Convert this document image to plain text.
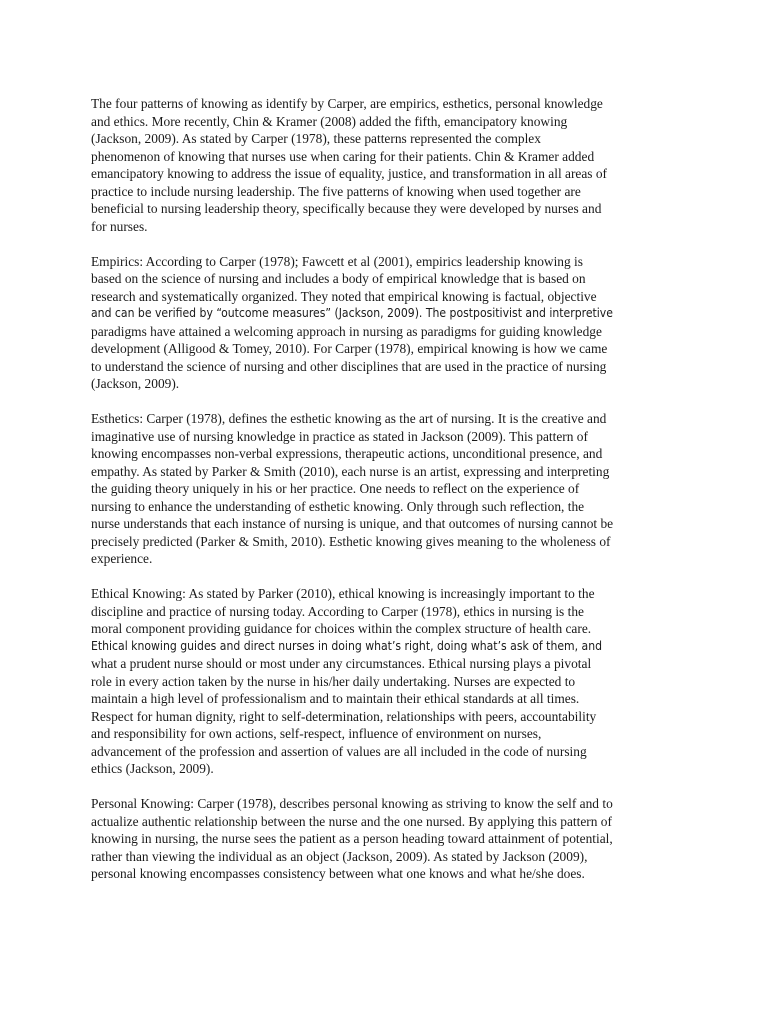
The four patterns of knowing as identify by Carper, are empirics, esthetics, personal knowledge
and ethics. More recently, Chin & Kramer (2008) added the fifth, emancipatory knowing
(Jackson, 2009). As stated by Carper (1978), these patterns represented the complex
phenomenon of knowing that nurses use when caring for their patients. Chin & Kramer added
emancipatory knowing to address the issue of equality, justice, and transformation in all areas of
practice to include nursing leadership. The five patterns of knowing when used together are
beneficial to nursing leadership theory, specifically because they were developed by nurses and
for nurses.

Empirics: According to Carper (1978); Fawcett et al (2001), empirics leadership knowing is
based on the science of nursing and includes a body of empirical knowledge that is based on
research and systematically organized. They noted that empirical knowing is factual, objective
and can be verified by “outcome measures” (Jackson, 2009). The postpositivist and interpretive
paradigms have attained a welcoming approach in nursing as paradigms for guiding knowledge
development (Alligood & Tomey, 2010). For Carper (1978), empirical knowing is how we came
to understand the science of nursing and other disciplines that are used in the practice of nursing
(Jackson, 2009).

Esthetics: Carper (1978), defines the esthetic knowing as the art of nursing. It is the creative and
imaginative use of nursing knowledge in practice as stated in Jackson (2009). This pattern of
knowing encompasses non-verbal expressions, therapeutic actions, unconditional presence, and
empathy. As stated by Parker & Smith (2010), each nurse is an artist, expressing and interpreting
the guiding theory uniquely in his or her practice. One needs to reflect on the experience of
nursing to enhance the understanding of esthetic knowing. Only through such reflection, the
nurse understands that each instance of nursing is unique, and that outcomes of nursing cannot be
precisely predicted (Parker & Smith, 2010). Esthetic knowing gives meaning to the wholeness of
experience.

Ethical Knowing: As stated by Parker (2010), ethical knowing is increasingly important to the
discipline and practice of nursing today. According to Carper (1978), ethics in nursing is the
moral component providing guidance for choices within the complex structure of health care.
Ethical knowing guides and direct nurses in doing what’s right, doing what’s ask of them, and
what a prudent nurse should or most under any circumstances. Ethical nursing plays a pivotal
role in every action taken by the nurse in his/her daily undertaking. Nurses are expected to
maintain a high level of professionalism and to maintain their ethical standards at all times.
Respect for human dignity, right to self-determination, relationships with peers, accountability
and responsibility for own actions, self-respect, influence of environment on nurses,
advancement of the profession and assertion of values are all included in the code of nursing
ethics (Jackson, 2009).

Personal Knowing: Carper (1978), describes personal knowing as striving to know the self and to
actualize authentic relationship between the nurse and the one nursed. By applying this pattern of
knowing in nursing, the nurse sees the patient as a person heading toward attainment of potential,
rather than viewing the individual as an object (Jackson, 2009). As stated by Jackson (2009),
personal knowing encompasses consistency between what one knows and what he/she does.
